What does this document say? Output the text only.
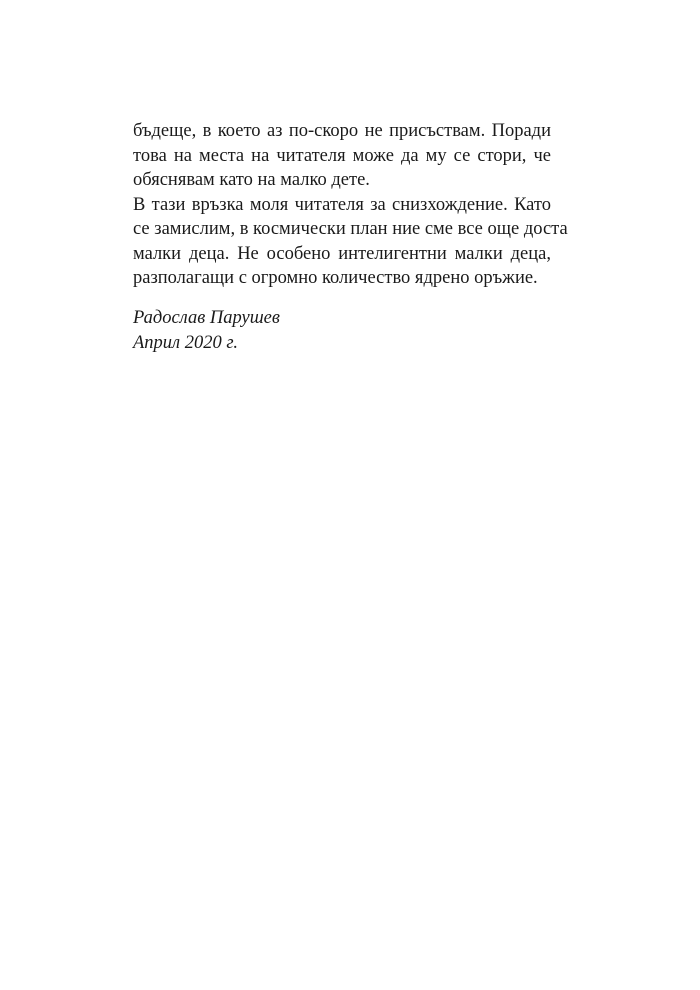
бъдеще, в което аз по-скоро не присъствам. Поради
това на места на читателя може да му се стори, че
обяснявам като на малко дете.

В тази връзка моля читателя за снизхождение. Като
се замислим, в космически план ние сме все още доста
малки деца. Не особено интелигентни малки деца,
разполагащи с огромно количество ядрено оръжие.

Радослав Парушев
Април 2020 г.
